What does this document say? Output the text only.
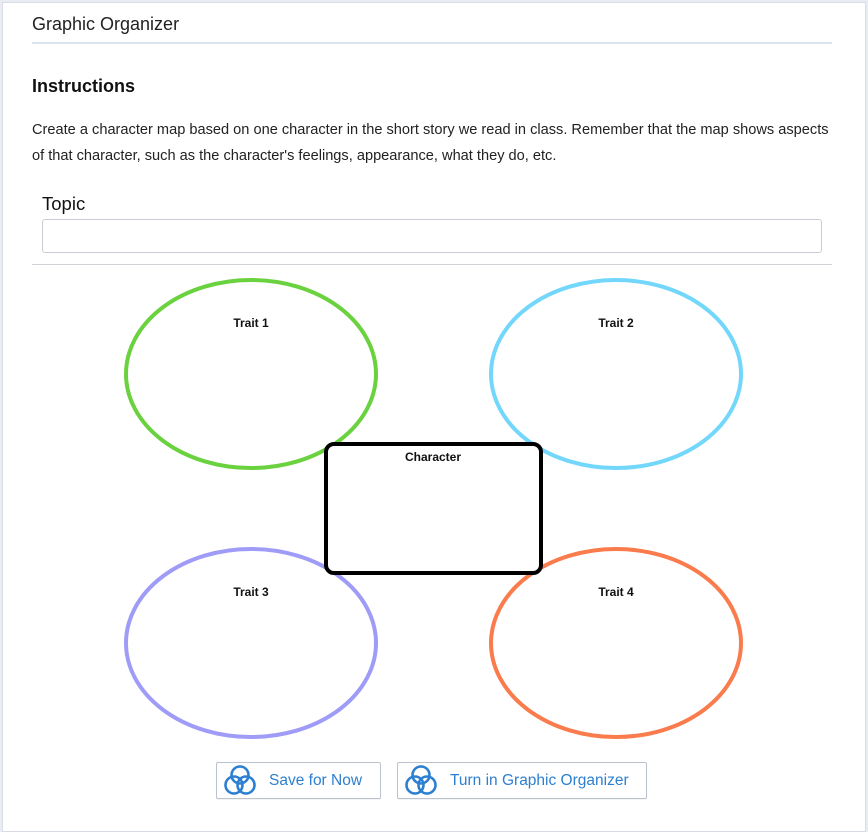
Graphic Organizer
Instructions
Create a character map based on one character in the short story we read in class. Remember that the map shows aspects of that character, such as the character's feelings, appearance, what they do, etc.
Topic
Trait 1	Trait 2
Trait 3	Trait 4
Character
Save for Now	Turn in Graphic Organizer
